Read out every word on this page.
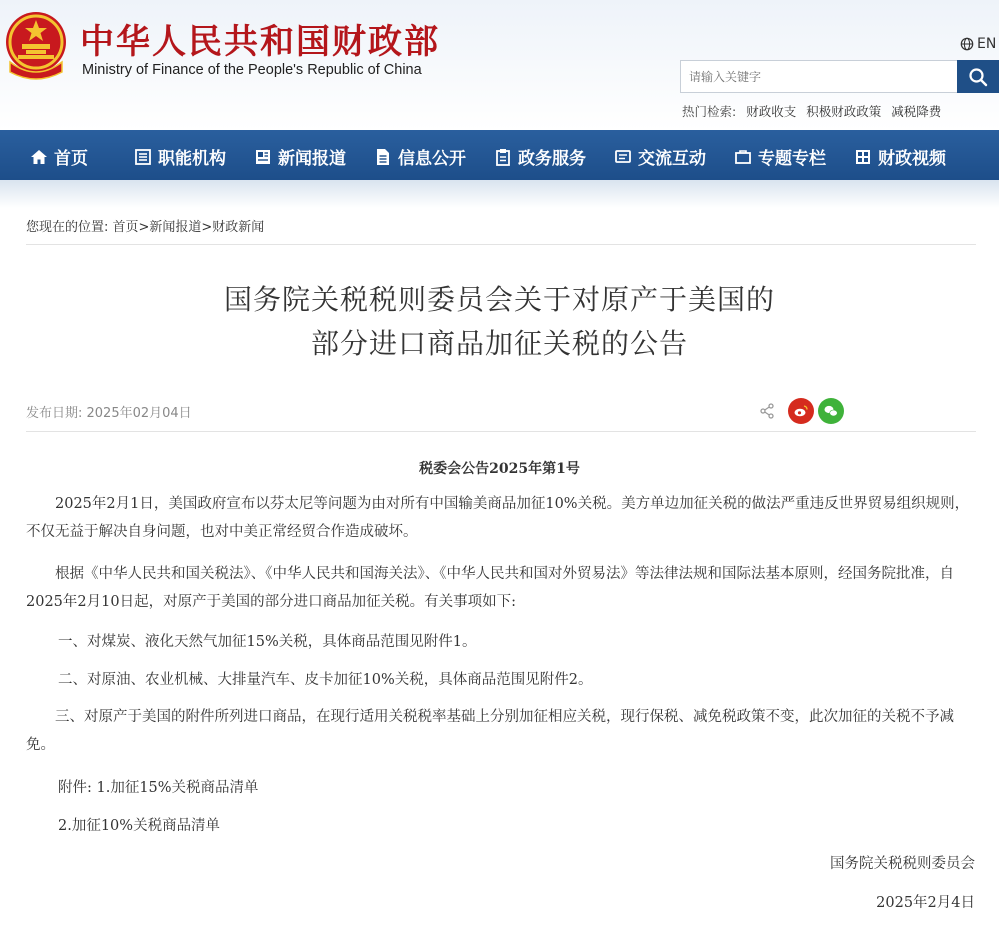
中华人民共和国财政部
Ministry of Finance of the People's Republic of China
EN
请输入关键字
热门检索: 财政收支 积极财政政策 减税降费
首页	职能机构	新闻报道	信息公开	政务服务	交流互动	专题专栏	财政视频
您现在的位置: 首页>新闻报道>财政新闻
国务院关税税则委员会关于对原产于美国的
部分进口商品加征关税的公告
发布日期: 2025年02月04日
税委会公告2025年第1号
2025年2月1日，美国政府宣布以芬太尼等问题为由对所有中国输美商品加征10%关税。美方单边加征关税的做法严重违反世界贸易组织规则，不仅无益于解决自身问题，也对中美正常经贸合作造成破坏。
根据《中华人民共和国关税法》、《中华人民共和国海关法》、《中华人民共和国对外贸易法》等法律法规和国际法基本原则，经国务院批准，自2025年2月10日起，对原产于美国的部分进口商品加征关税。有关事项如下:
一、对煤炭、液化天然气加征15%关税，具体商品范围见附件1。
二、对原油、农业机械、大排量汽车、皮卡加征10%关税，具体商品范围见附件2。
三、对原产于美国的附件所列进口商品，在现行适用关税税率基础上分别加征相应关税，现行保税、减免税政策不变，此次加征的关税不予减免。
附件: 1.加征15%关税商品清单
2.加征10%关税商品清单
国务院关税税则委员会
2025年2月4日
